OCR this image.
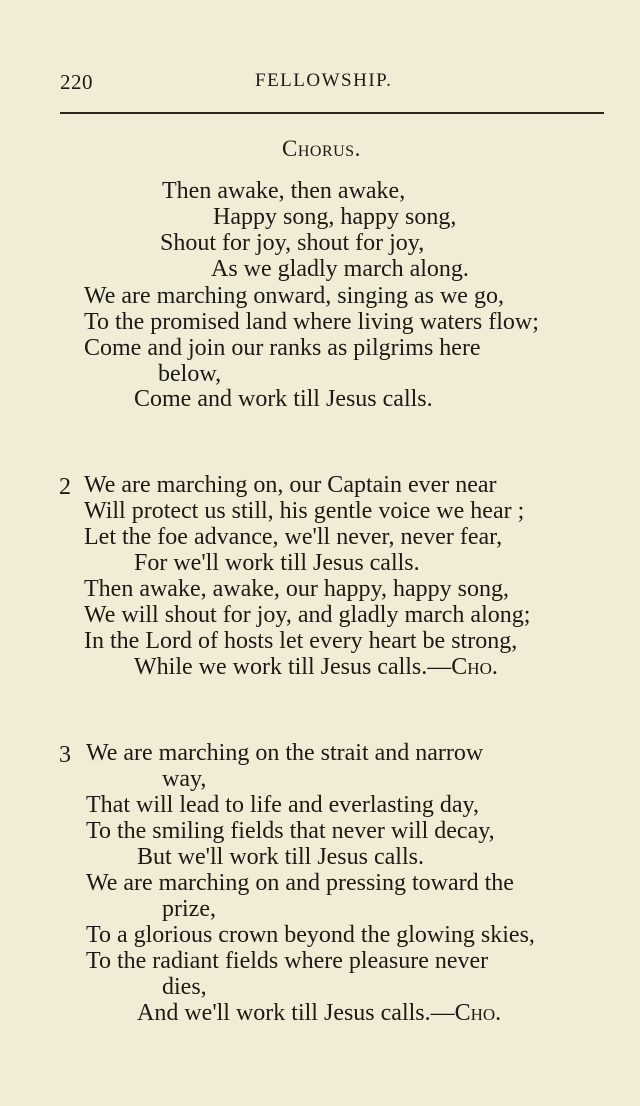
220	FELLOWSHIP.
Chorus.
Then awake, then awake,
Happy song, happy song,
Shout for joy, shout for joy,
As we gladly march along.
We are marching onward, singing as we go,
To the promised land where living waters flow;
Come and join our ranks as pilgrims here
below,
Come and work till Jesus calls.
2 We are marching on, our Captain ever near
Will protect us still, his gentle voice we hear ;
Let the foe advance, we'll never, never fear,
For we'll work till Jesus calls.
Then awake, awake, our happy, happy song,
We will shout for joy, and gladly march along;
In the Lord of hosts let every heart be strong,
While we work till Jesus calls.—Cho.
3 We are marching on the strait and narrow
way,
That will lead to life and everlasting day,
To the smiling fields that never will decay,
But we'll work till Jesus calls.
We are marching on and pressing toward the
prize,
To a glorious crown beyond the glowing skies,
To the radiant fields where pleasure never
dies,
And we'll work till Jesus calls.—Cho.
